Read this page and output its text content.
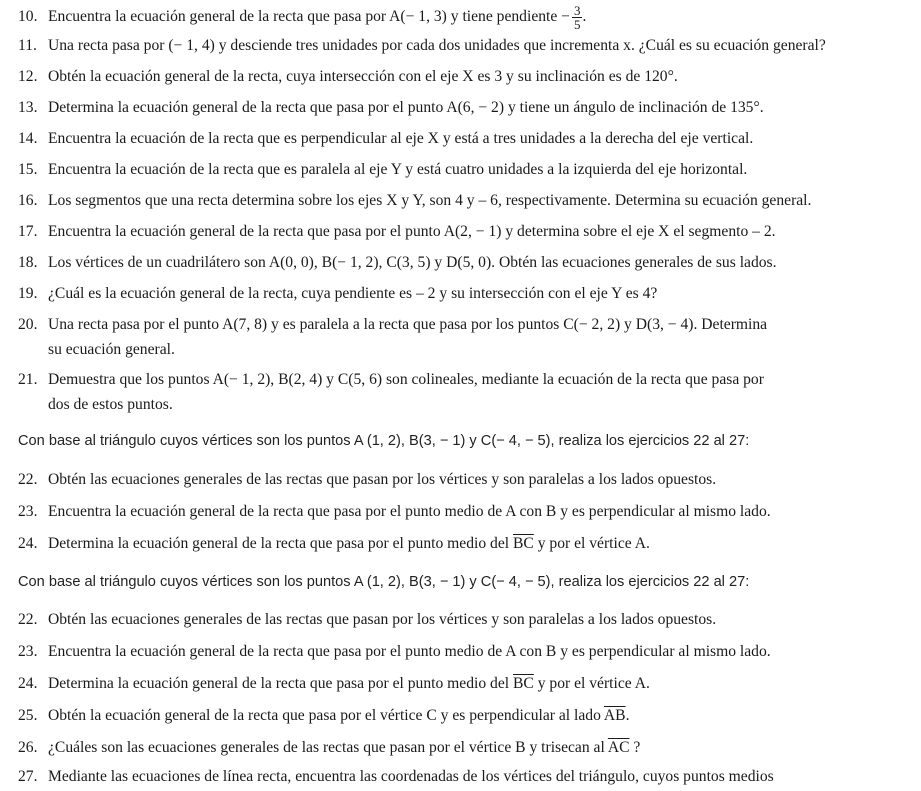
10. Encuentra la ecuación general de la recta que pasa por A(− 1, 3) y tiene pendiente − $\frac{3}{5}$ .
11. Una recta pasa por (− 1, 4) y desciende tres unidades por cada dos unidades que incrementa x. ¿Cuál es su ecuación general?
12. Obtén la ecuación general de la recta, cuya intersección con el eje X es 3 y su inclinación es de 120°.
13. Determina la ecuación general de la recta que pasa por el punto A(6, − 2) y tiene un ángulo de inclinación de 135°.
14. Encuentra la ecuación de la recta que es perpendicular al eje X y está a tres unidades a la derecha del eje vertical.
15. Encuentra la ecuación de la recta que es paralela al eje Y y está cuatro unidades a la izquierda del eje horizontal.
16. Los segmentos que una recta determina sobre los ejes X y Y, son 4 y – 6, respectivamente. Determina su ecuación general.
17. Encuentra la ecuación general de la recta que pasa por el punto A(2, − 1) y determina sobre el eje X el segmento – 2.
18. Los vértices de un cuadrilátero son A(0, 0), B(− 1, 2), C(3, 5) y D(5, 0). Obtén las ecuaciones generales de sus lados.
19. ¿Cuál es la ecuación general de la recta, cuya pendiente es – 2 y su intersección con el eje Y es 4?
20. Una recta pasa por el punto A(7, 8) y es paralela a la recta que pasa por los puntos C(− 2, 2) y D(3, − 4). Determina
su ecuación general.
21. Demuestra que los puntos A(− 1, 2), B(2, 4) y C(5, 6) son colineales, mediante la ecuación de la recta que pasa por
dos de estos puntos.
Con base al triángulo cuyos vértices son los puntos A (1, 2), B(3, − 1) y C(− 4, − 5), realiza los ejercicios 22 al 27:
22. Obtén las ecuaciones generales de las rectas que pasan por los vértices y son paralelas a los lados opuestos.
23. Encuentra la ecuación general de la recta que pasa por el punto medio de A con B y es perpendicular al mismo lado.
24. Determina la ecuación general de la recta que pasa por el punto medio del $\overline{BC}$ y por el vértice A.
Con base al triángulo cuyos vértices son los puntos A (1, 2), B(3, − 1) y C(− 4, − 5), realiza los ejercicios 22 al 27:
22. Obtén las ecuaciones generales de las rectas que pasan por los vértices y son paralelas a los lados opuestos.
23. Encuentra la ecuación general de la recta que pasa por el punto medio de A con B y es perpendicular al mismo lado.
24. Determina la ecuación general de la recta que pasa por el punto medio del $\overline{BC}$ y por el vértice A.
25. Obtén la ecuación general de la recta que pasa por el vértice C y es perpendicular al lado $\overline{AB}$.
26. ¿Cuáles son las ecuaciones generales de las rectas que pasan por el vértice B y trisecan al $\overline{AC}$ ?
27. Mediante las ecuaciones de línea recta, encuentra las coordenadas de los vértices del triángulo, cuyos puntos medios
